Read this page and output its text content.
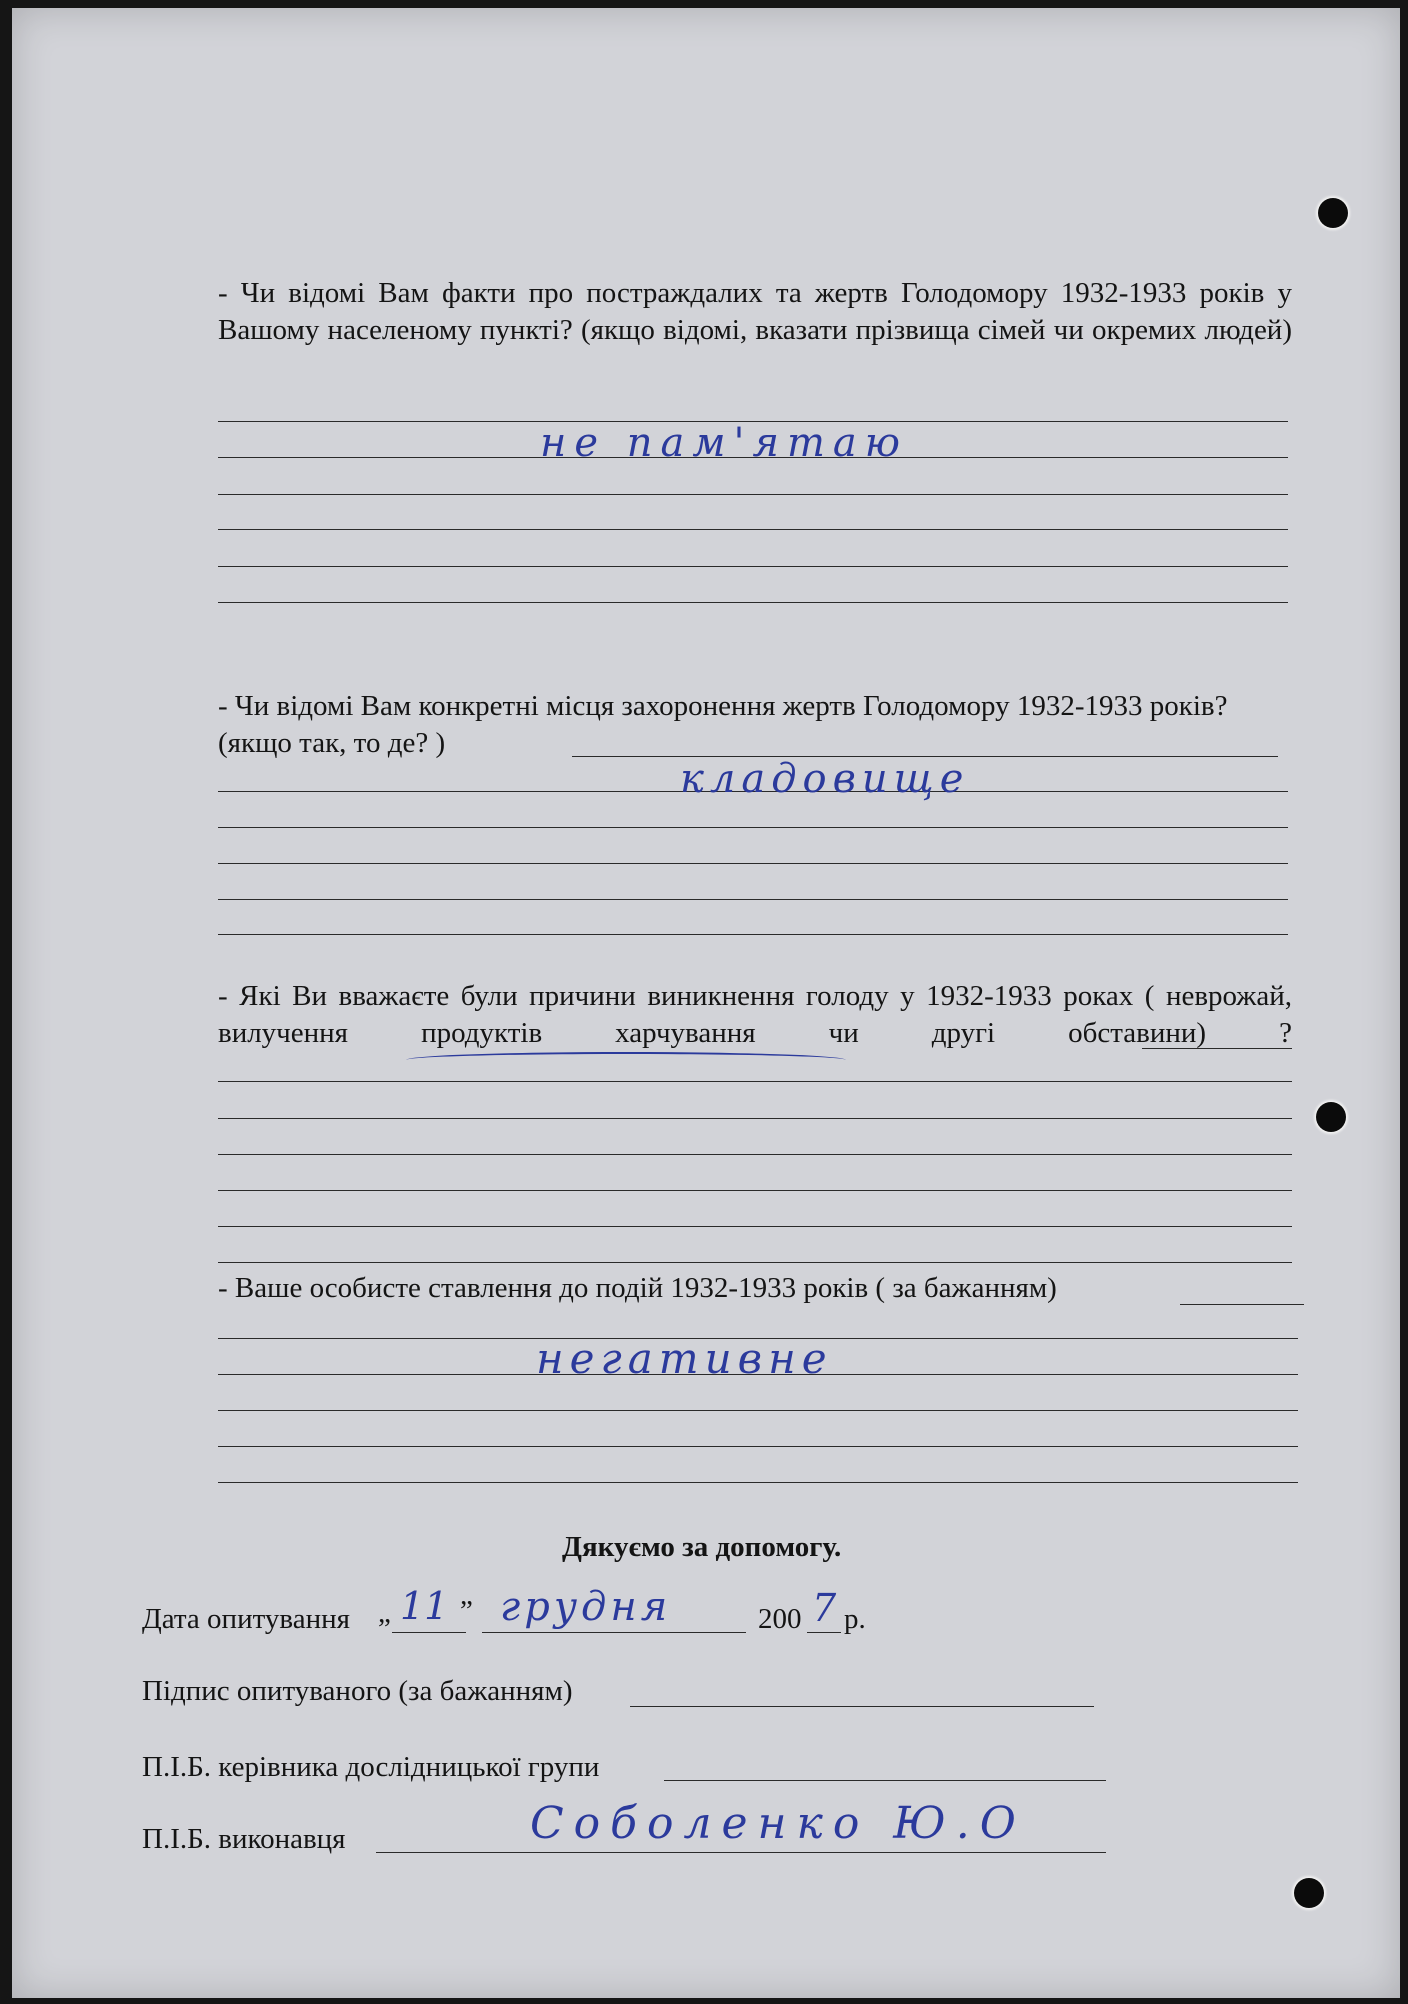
- Чи відомі Вам факти про постраждалих та жертв Голодомору 1932-1933 років у Вашому населеному пункті? (якщо відомі, вказати прізвища сімей чи окремих людей)

не пам'ятаю

- Чи відомі Вам конкретні місця захоронення жертв Голодомору 1932-1933 років? (якщо так, то де? )

кладовище

- Які Ви вважаєте були причини виникнення голоду у 1932-1933 роках ( неврожай, вилучення продуктів харчування чи другі обставини) ?

- Ваше особисте ставлення до подій 1932-1933 років ( за бажанням)

негативне
Дякуємо за допомогу.
Дата опитування „ 11 ” грудня	200 7 р.
Підпис опитуваного (за бажанням)
П.І.Б. керівника дослідницької групи
П.І.Б. виконавця	Соболенко Ю.О
